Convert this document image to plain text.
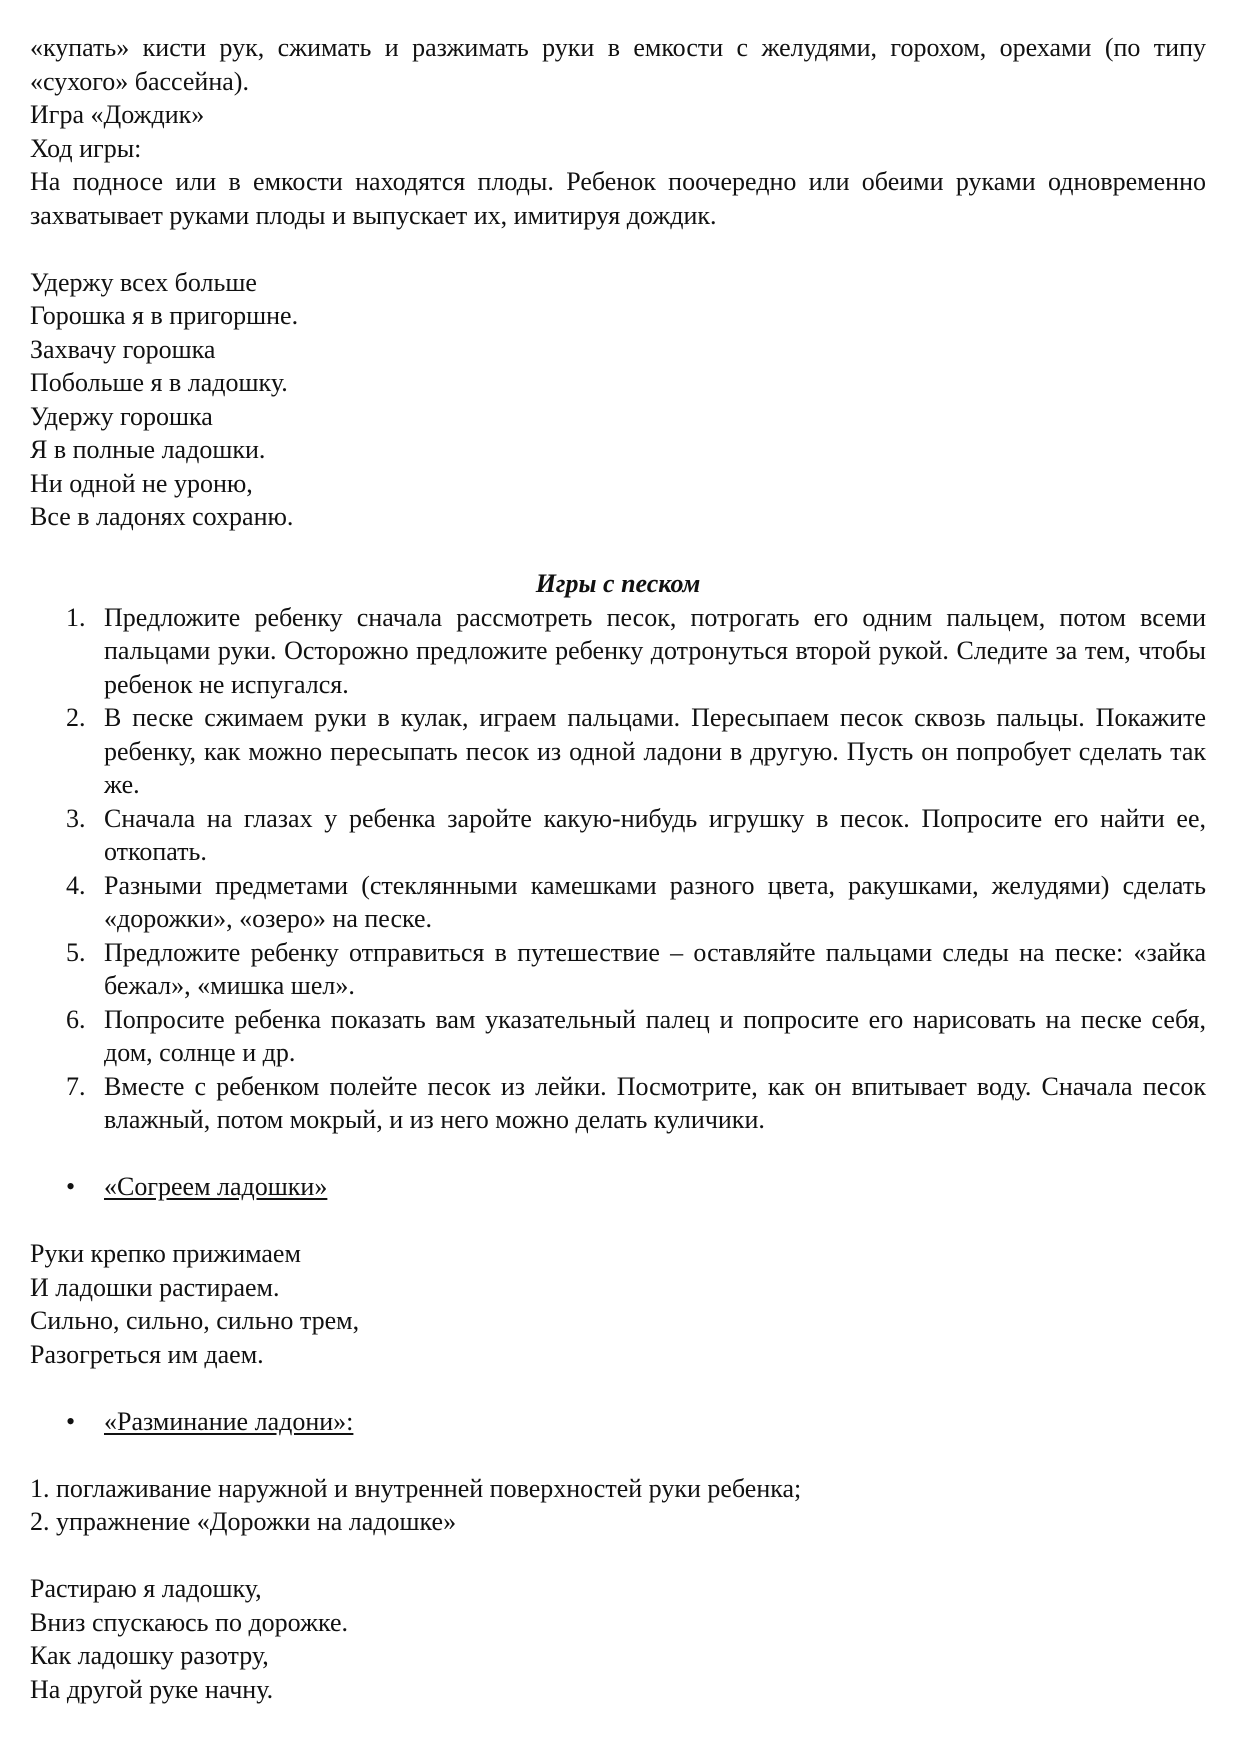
«купать» кисти рук, сжимать и разжимать руки в емкости с желудями, горохом, орехами (по типу «сухого» бассейна).

Игра «Дождик»

Ход игры:

На подносе или в емкости находятся плоды. Ребенок поочередно или обеими руками одновременно захватывает руками плоды и выпускает их, имитируя дождик.

Удержу всех больше

Горошка я в пригоршне.

Захвачу горошка

Побольше я в ладошку.

Удержу горошка

Я в полные ладошки.

Ни одной не уроню,

Все в ладонях сохраню.

Игры с песком

1. Предложите ребенку сначала рассмотреть песок, потрогать его одним пальцем, потом всеми пальцами руки. Осторожно предложите ребенку дотронуться второй рукой. Следите за тем, чтобы ребенок не испугался.
2. В песке сжимаем руки в кулак, играем пальцами. Пересыпаем песок сквозь пальцы. Покажите ребенку, как можно пересыпать песок из одной ладони в другую. Пусть он попробует сделать так же.
3. Сначала на глазах у ребенка заройте какую-нибудь игрушку в песок. Попросите его найти ее, откопать.
4. Разными предметами (стеклянными камешками разного цвета, ракушками, желудями) сделать «дорожки», «озеро» на песке.
5. Предложите ребенку отправиться в путешествие – оставляйте пальцами следы на песке: «зайка бежал», «мишка шел».
6. Попросите ребенка показать вам указательный палец и попросите его нарисовать на песке себя, дом, солнце и др.
7. Вместе с ребенком полейте песок из лейки. Посмотрите, как он впитывает воду. Сначала песок влажный, потом мокрый, и из него можно делать куличики.
• «Согреем ладошки»

Руки крепко прижимаем

И ладошки растираем.

Сильно, сильно, сильно трем,

Разогреться им даем.

• «Разминание ладони»:

1. поглаживание наружной и внутренней поверхностей руки ребенка;

2. упражнение «Дорожки на ладошке»

Растираю я ладошку,

Вниз спускаюсь по дорожке.

Как ладошку разотру,

На другой руке начну.
